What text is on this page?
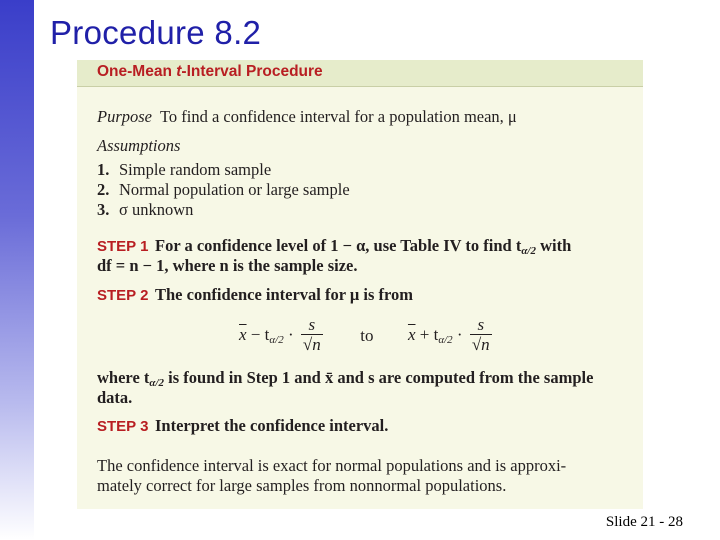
Procedure 8.2
One-Mean t-Interval Procedure
Purpose To find a confidence interval for a population mean, μ
Assumptions
1. Simple random sample
2. Normal population or large sample
3. σ unknown
STEP 1 For a confidence level of 1 − α, use Table IV to find $t_{\alpha/2}$ with
df = n − 1, where n is the sample size.
STEP 2 The confidence interval for μ is from
$\overline{x} - t_{\alpha/2} \cdot \frac{s}{√n}$ to $\overline{x} + t_{\alpha/2} \cdot \frac{s}{√n}$
where $t_{\alpha/2}$ is found in Step 1 and x̄ and s are computed from the sample
data.
STEP 3 Interpret the confidence interval.
The confidence interval is exact for normal populations and is approxi-
mately correct for large samples from nonnormal populations.
Slide 21 - 28
